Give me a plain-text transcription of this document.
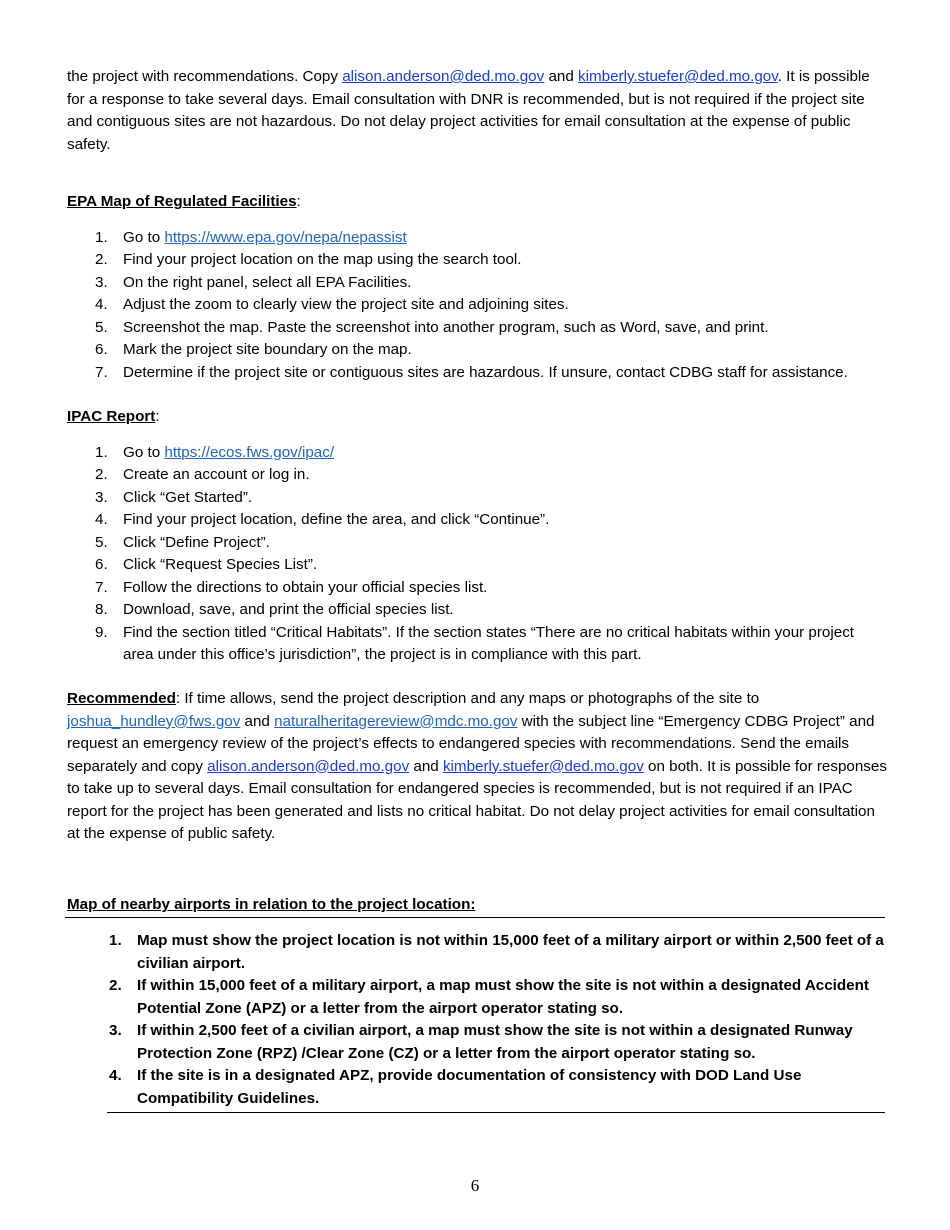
the project with recommendations. Copy alison.anderson@ded.mo.gov and kimberly.stuefer@ded.mo.gov. It is possible for a response to take several days. Email consultation with DNR is recommended, but is not required if the project site and contiguous sites are not hazardous. Do not delay project activities for email consultation at the expense of public safety.

EPA Map of Regulated Facilities:

1.	Go to https://www.epa.gov/nepa/nepassist
2.	Find your project location on the map using the search tool.
3.	On the right panel, select all EPA Facilities.
4.	Adjust the zoom to clearly view the project site and adjoining sites.
5.	Screenshot the map. Paste the screenshot into another program, such as Word, save, and print.
6.	Mark the project site boundary on the map.
7.	Determine if the project site or contiguous sites are hazardous. If unsure, contact CDBG staff for assistance.

IPAC Report:

1.	Go to https://ecos.fws.gov/ipac/
2.	Create an account or log in.
3.	Click “Get Started”.
4.	Find your project location, define the area, and click “Continue”.
5.	Click “Define Project”.
6.	Click “Request Species List”.
7.	Follow the directions to obtain your official species list.
8.	Download, save, and print the official species list.
9.	Find the section titled “Critical Habitats”. If the section states “There are no critical habitats within your project area under this office’s jurisdiction”, the project is in compliance with this part.

Recommended: If time allows, send the project description and any maps or photographs of the site to joshua_hundley@fws.gov and naturalheritagereview@mdc.mo.gov with the subject line “Emergency CDBG Project” and request an emergency review of the project’s effects to endangered species with recommendations. Send the emails separately and copy alison.anderson@ded.mo.gov and kimberly.stuefer@ded.mo.gov on both. It is possible for responses to take up to several days. Email consultation for endangered species is recommended, but is not required if an IPAC report for the project has been generated and lists no critical habitat. Do not delay project activities for email consultation at the expense of public safety.

Map of nearby airports in relation to the project location:

1.	Map must show the project location is not within 15,000 feet of a military airport or within 2,500 feet of a civilian airport.
2.	If within 15,000 feet of a military airport, a map must show the site is not within a designated Accident Potential Zone (APZ) or a letter from the airport operator stating so.
3.	If within 2,500 feet of a civilian airport, a map must show the site is not within a designated Runway Protection Zone (RPZ) /Clear Zone (CZ) or a letter from the airport operator stating so.
4.	If the site is in a designated APZ, provide documentation of consistency with DOD Land Use Compatibility Guidelines.
6
